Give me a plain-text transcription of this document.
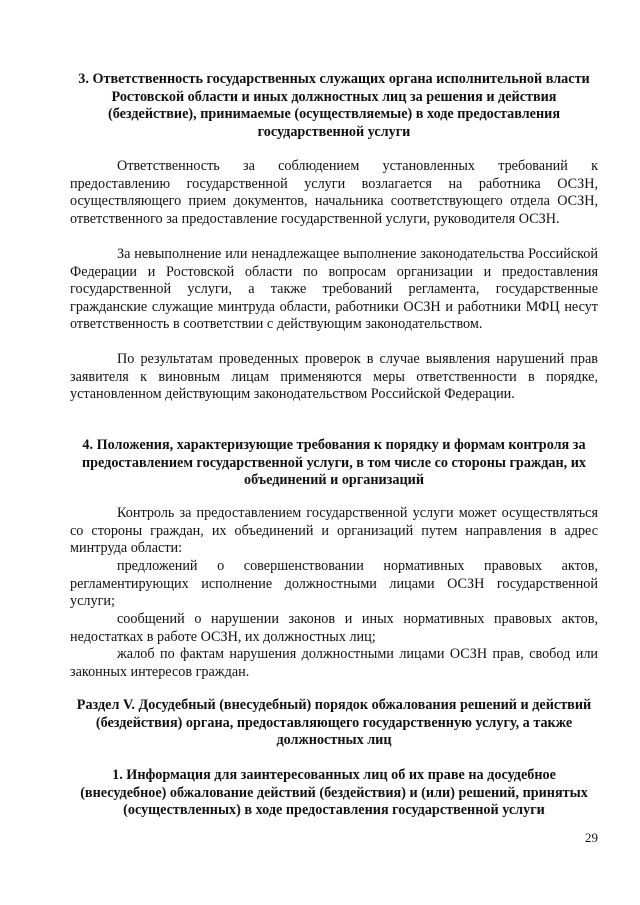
3. Ответственность государственных служащих органа исполнительной власти Ростовской области и иных должностных лиц за решения и действия (бездействие), принимаемые (осуществляемые) в ходе предоставления государственной услуги
Ответственность за соблюдением установленных требований к предоставлению государственной услуги возлагается на работника ОСЗН, осуществляющего прием документов, начальника соответствующего отдела ОСЗН, ответственного за предоставление государственной услуги, руководителя ОСЗН.
За невыполнение или ненадлежащее выполнение законодательства Российской Федерации и Ростовской области по вопросам организации и предоставления государственной услуги, а также требований регламента, государственные гражданские служащие минтруда области, работники ОСЗН и работники МФЦ несут ответственность в соответствии с действующим законодательством.
По результатам проведенных проверок в случае выявления нарушений прав заявителя к виновным лицам применяются меры ответственности в порядке, установленном действующим законодательством Российской Федерации.
4. Положения, характеризующие требования к порядку и формам контроля за предоставлением государственной услуги, в том числе со стороны граждан, их объединений и организаций
Контроль за предоставлением государственной услуги может осуществляться со стороны граждан, их объединений и организаций путем направления в адрес минтруда области:
предложений о совершенствовании нормативных правовых актов, регламентирующих исполнение должностными лицами ОСЗН государственной услуги;
сообщений о нарушении законов и иных нормативных правовых актов, недостатках в работе ОСЗН, их должностных лиц;
жалоб по фактам нарушения должностными лицами ОСЗН прав, свобод или законных интересов граждан.
Раздел V. Досудебный (внесудебный) порядок обжалования решений и действий (бездействия) органа, предоставляющего государственную услугу, а также должностных лиц
1. Информация для заинтересованных лиц об их праве на досудебное (внесудебное) обжалование действий (бездействия) и (или) решений, принятых (осуществленных) в ходе предоставления государственной услуги
29
